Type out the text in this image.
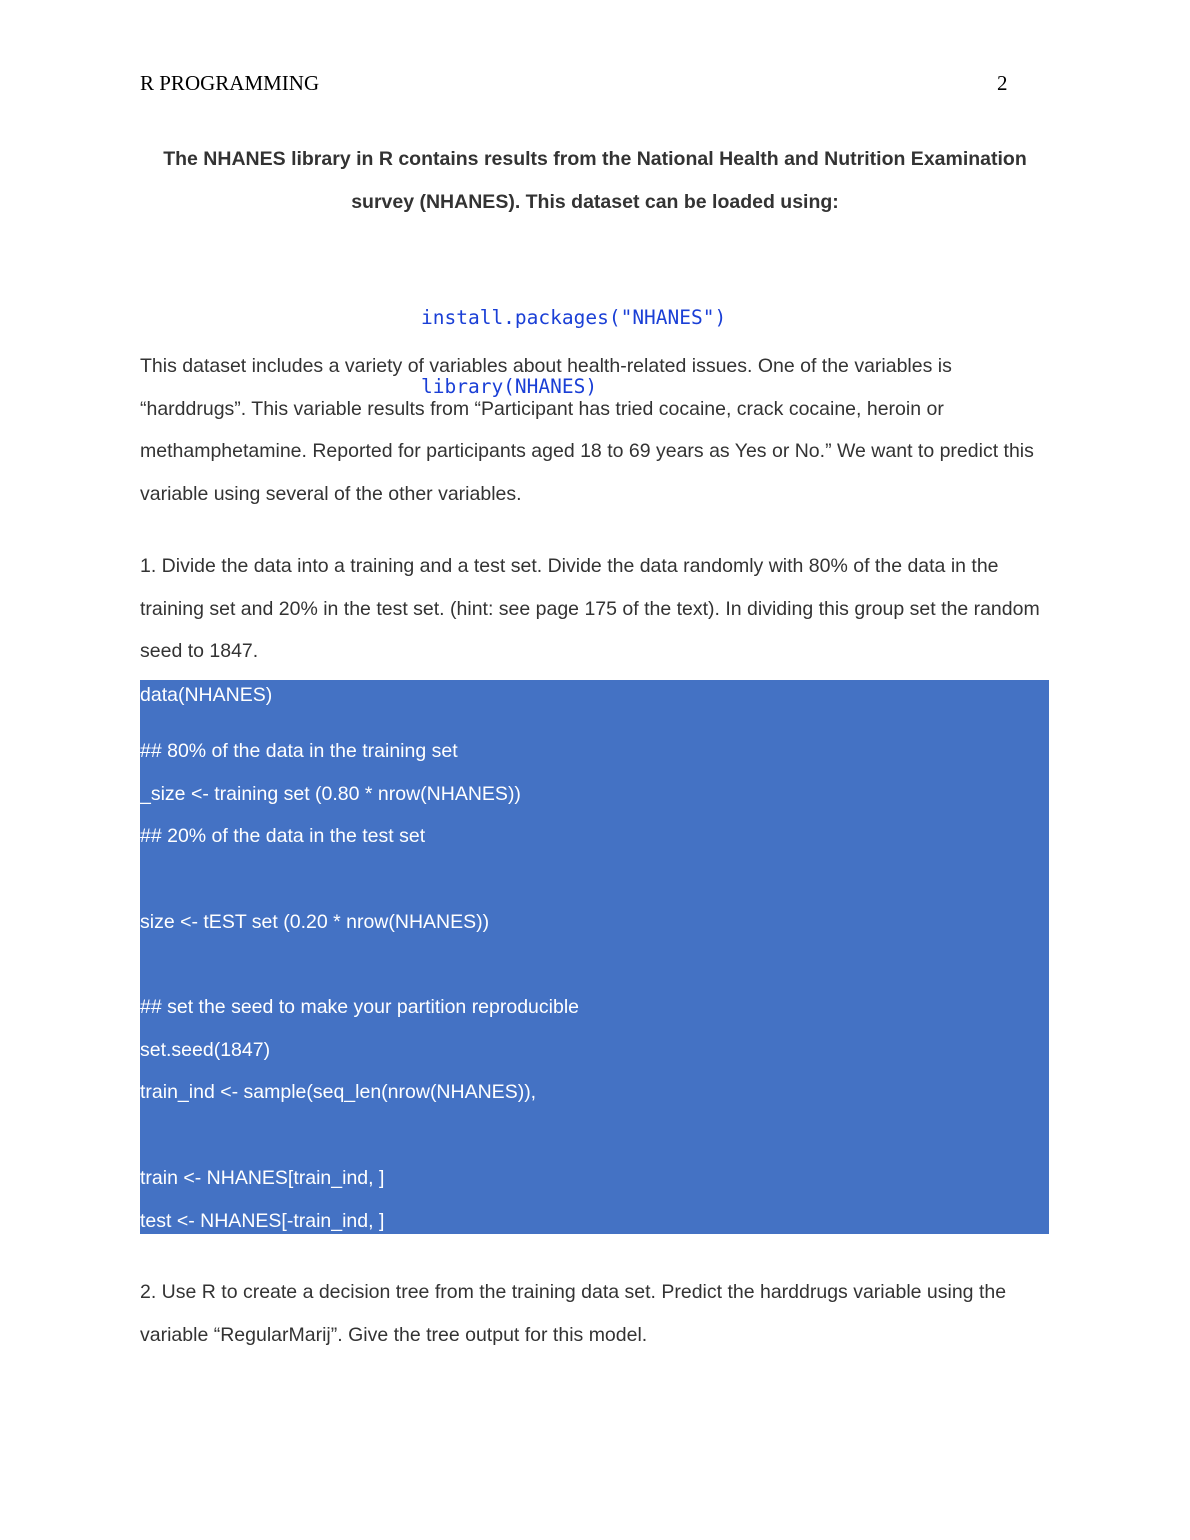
R PROGRAMMING	2
The NHANES library in R contains results from the National Health and Nutrition Examination
survey (NHANES). This dataset can be loaded using:

install.packages("NHANES")

library(NHANES)

This dataset includes a variety of variables about health-related issues. One of the variables is “harddrugs”. This variable results from “Participant has tried cocaine, crack cocaine, heroin or methamphetamine. Reported for participants aged 18 to 69 years as Yes or No.” We want to predict this variable using several of the other variables.
1. Divide the data into a training and a test set. Divide the data randomly with 80% of the data in the training set and 20% in the test set. (hint: see page 175 of the text). In dividing this group set the random seed to 1847.
data(NHANES)
## 80% of the data in the training set
_size <- training set (0.80 * nrow(NHANES))
## 20% of the data in the test set
size <- tEST set (0.20 * nrow(NHANES))
## set the seed to make your partition reproducible
set.seed(1847)
train_ind <- sample(seq_len(nrow(NHANES)),
train <- NHANES[train_ind, ]
test <- NHANES[-train_ind, ]
2. Use R to create a decision tree from the training data set. Predict the harddrugs variable using the variable “RegularMarij”. Give the tree output for this model.
